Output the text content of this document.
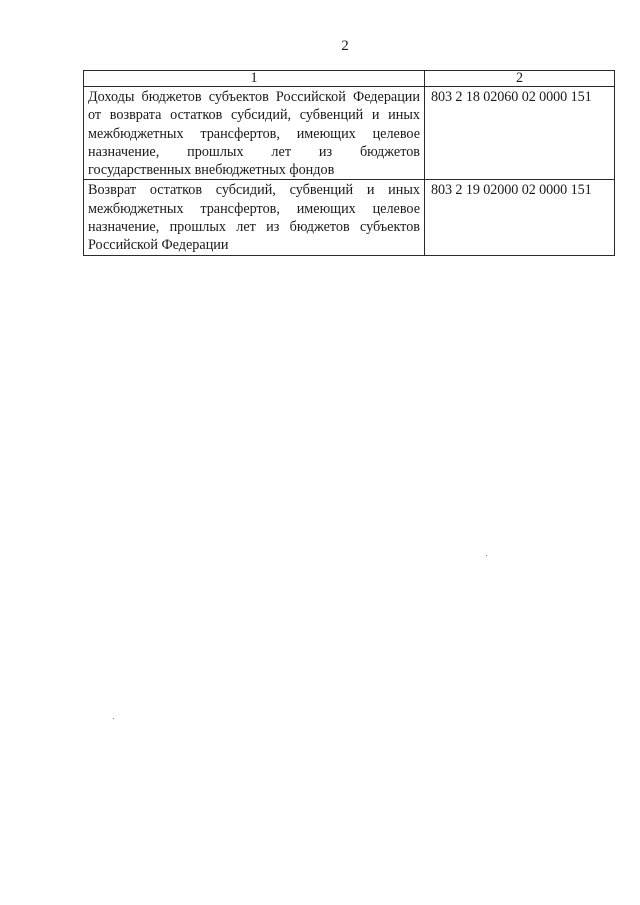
2
1	2
Доходы бюджетов субъектов Российской Федерации от возврата остатков субсидий, субвенций и иных межбюджетных трансфертов, имеющих целевое назначение, прошлых лет из бюджетов государственных внебюджетных фондов	803 2 18 02060 02 0000 151
Возврат остатков субсидий, субвенций и иных межбюджетных трансфертов, имеющих целевое назначение, прошлых лет из бюджетов субъектов Российской Федерации	803 2 19 02000 02 0000 151
